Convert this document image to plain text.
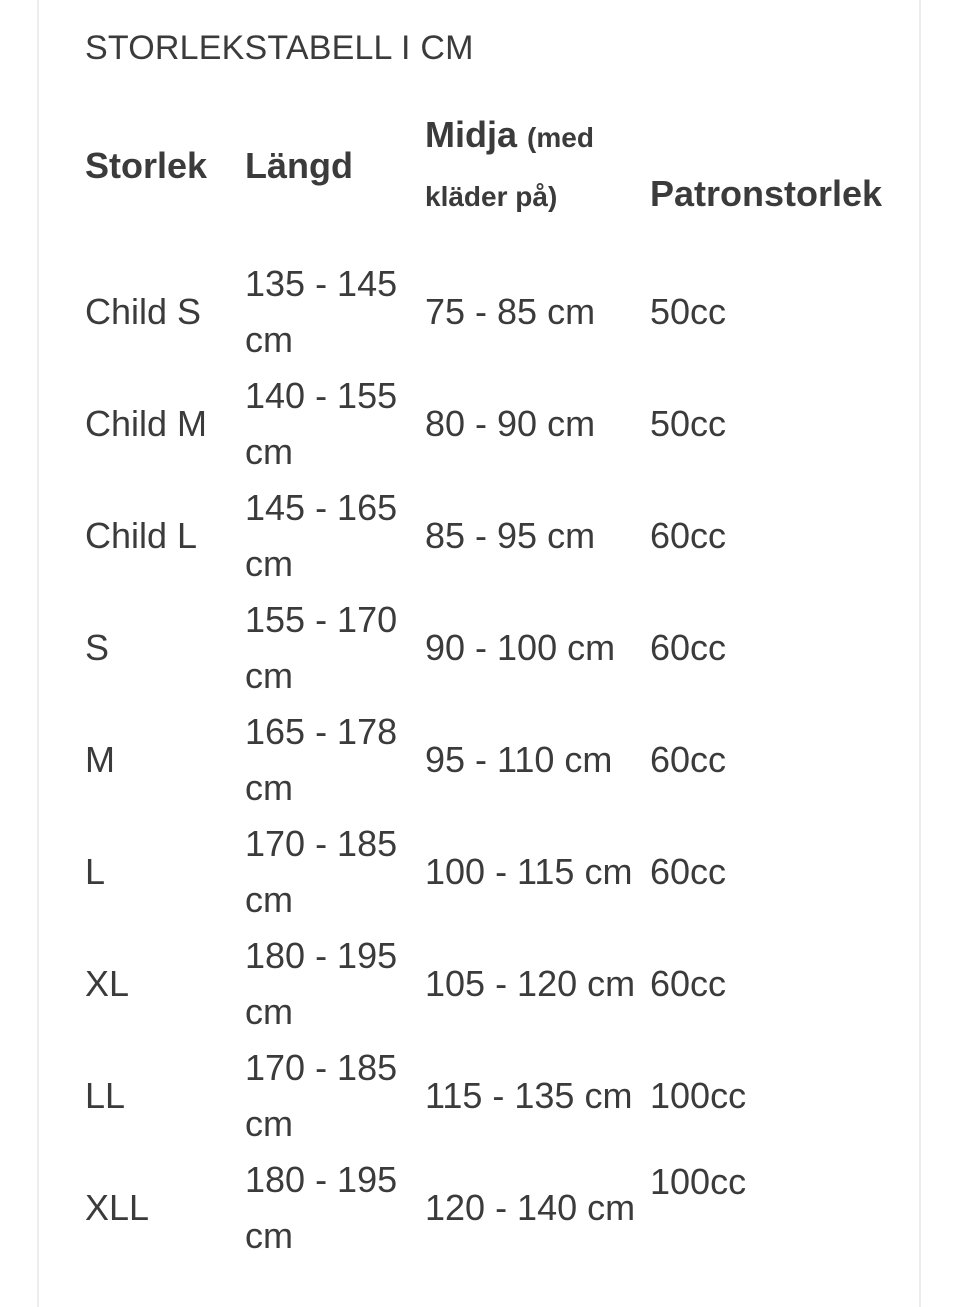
STORLEKSTABELL I CM
Storlek	Längd	Midja (med kläder på)	Patronstorlek
Child S	135 - 145 cm	75 - 85 cm	50cc
Child M	140 - 155 cm	80 - 90 cm	50cc
Child L	145 - 165 cm	85 - 95 cm	60cc
S	155 - 170 cm	90 - 100 cm	60cc
M	165 - 178 cm	95 - 110 cm	60cc
L	170 - 185 cm	100 - 115 cm	60cc
XL	180 - 195 cm	105 - 120 cm	60cc
LL	170 - 185 cm	115 - 135 cm	100cc
XLL	180 - 195 cm	120 - 140 cm	100cc
